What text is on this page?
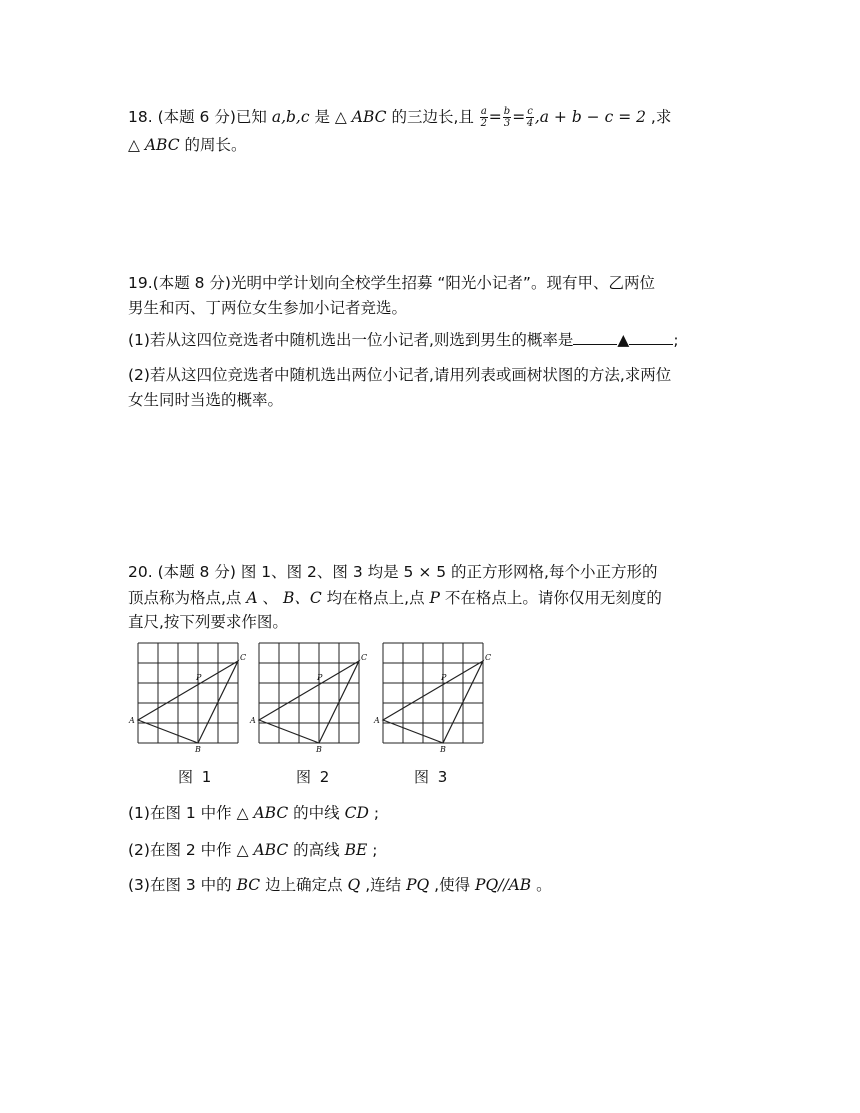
18. (本题 6 分)已知 a,b,c 是 △ ABC 的三边长,且 $\frac{a}{2} = \frac{b}{3} = \frac{c}{4} ,a + b - c = 2$ ,求
△ ABC 的周长。
19.(本题 8 分)光明中学计划向全校学生招募 “阳光小记者”。现有甲、乙两位
男生和丙、丁两位女生参加小记者竞选。
(1)若从这四位竞选者中随机选出一位小记者,则选到男生的概率是	▲	;
(2)若从这四位竞选者中随机选出两位小记者,请用列表或画树状图的方法,求两位
女生同时当选的概率。
20. (本题 8 分) 图 1、图 2、图 3 均是 5 × 5 的正方形网格,每个小正方形的
顶点称为格点,点 A 、 B、C 均在格点上,点 P 不在格点上。请你仅用无刻度的
直尺,按下列要求作图。
A
B
C
P
A
B
C
P
A
B
C
P
图 1	图 2	图 3
(1)在图 1 中作 △ ABC 的中线 CD ;
(2)在图 2 中作 △ ABC 的高线 BE ;
(3)在图 3 中的 BC 边上确定点 Q ,连结 PQ ,使得 PQ//AB 。
